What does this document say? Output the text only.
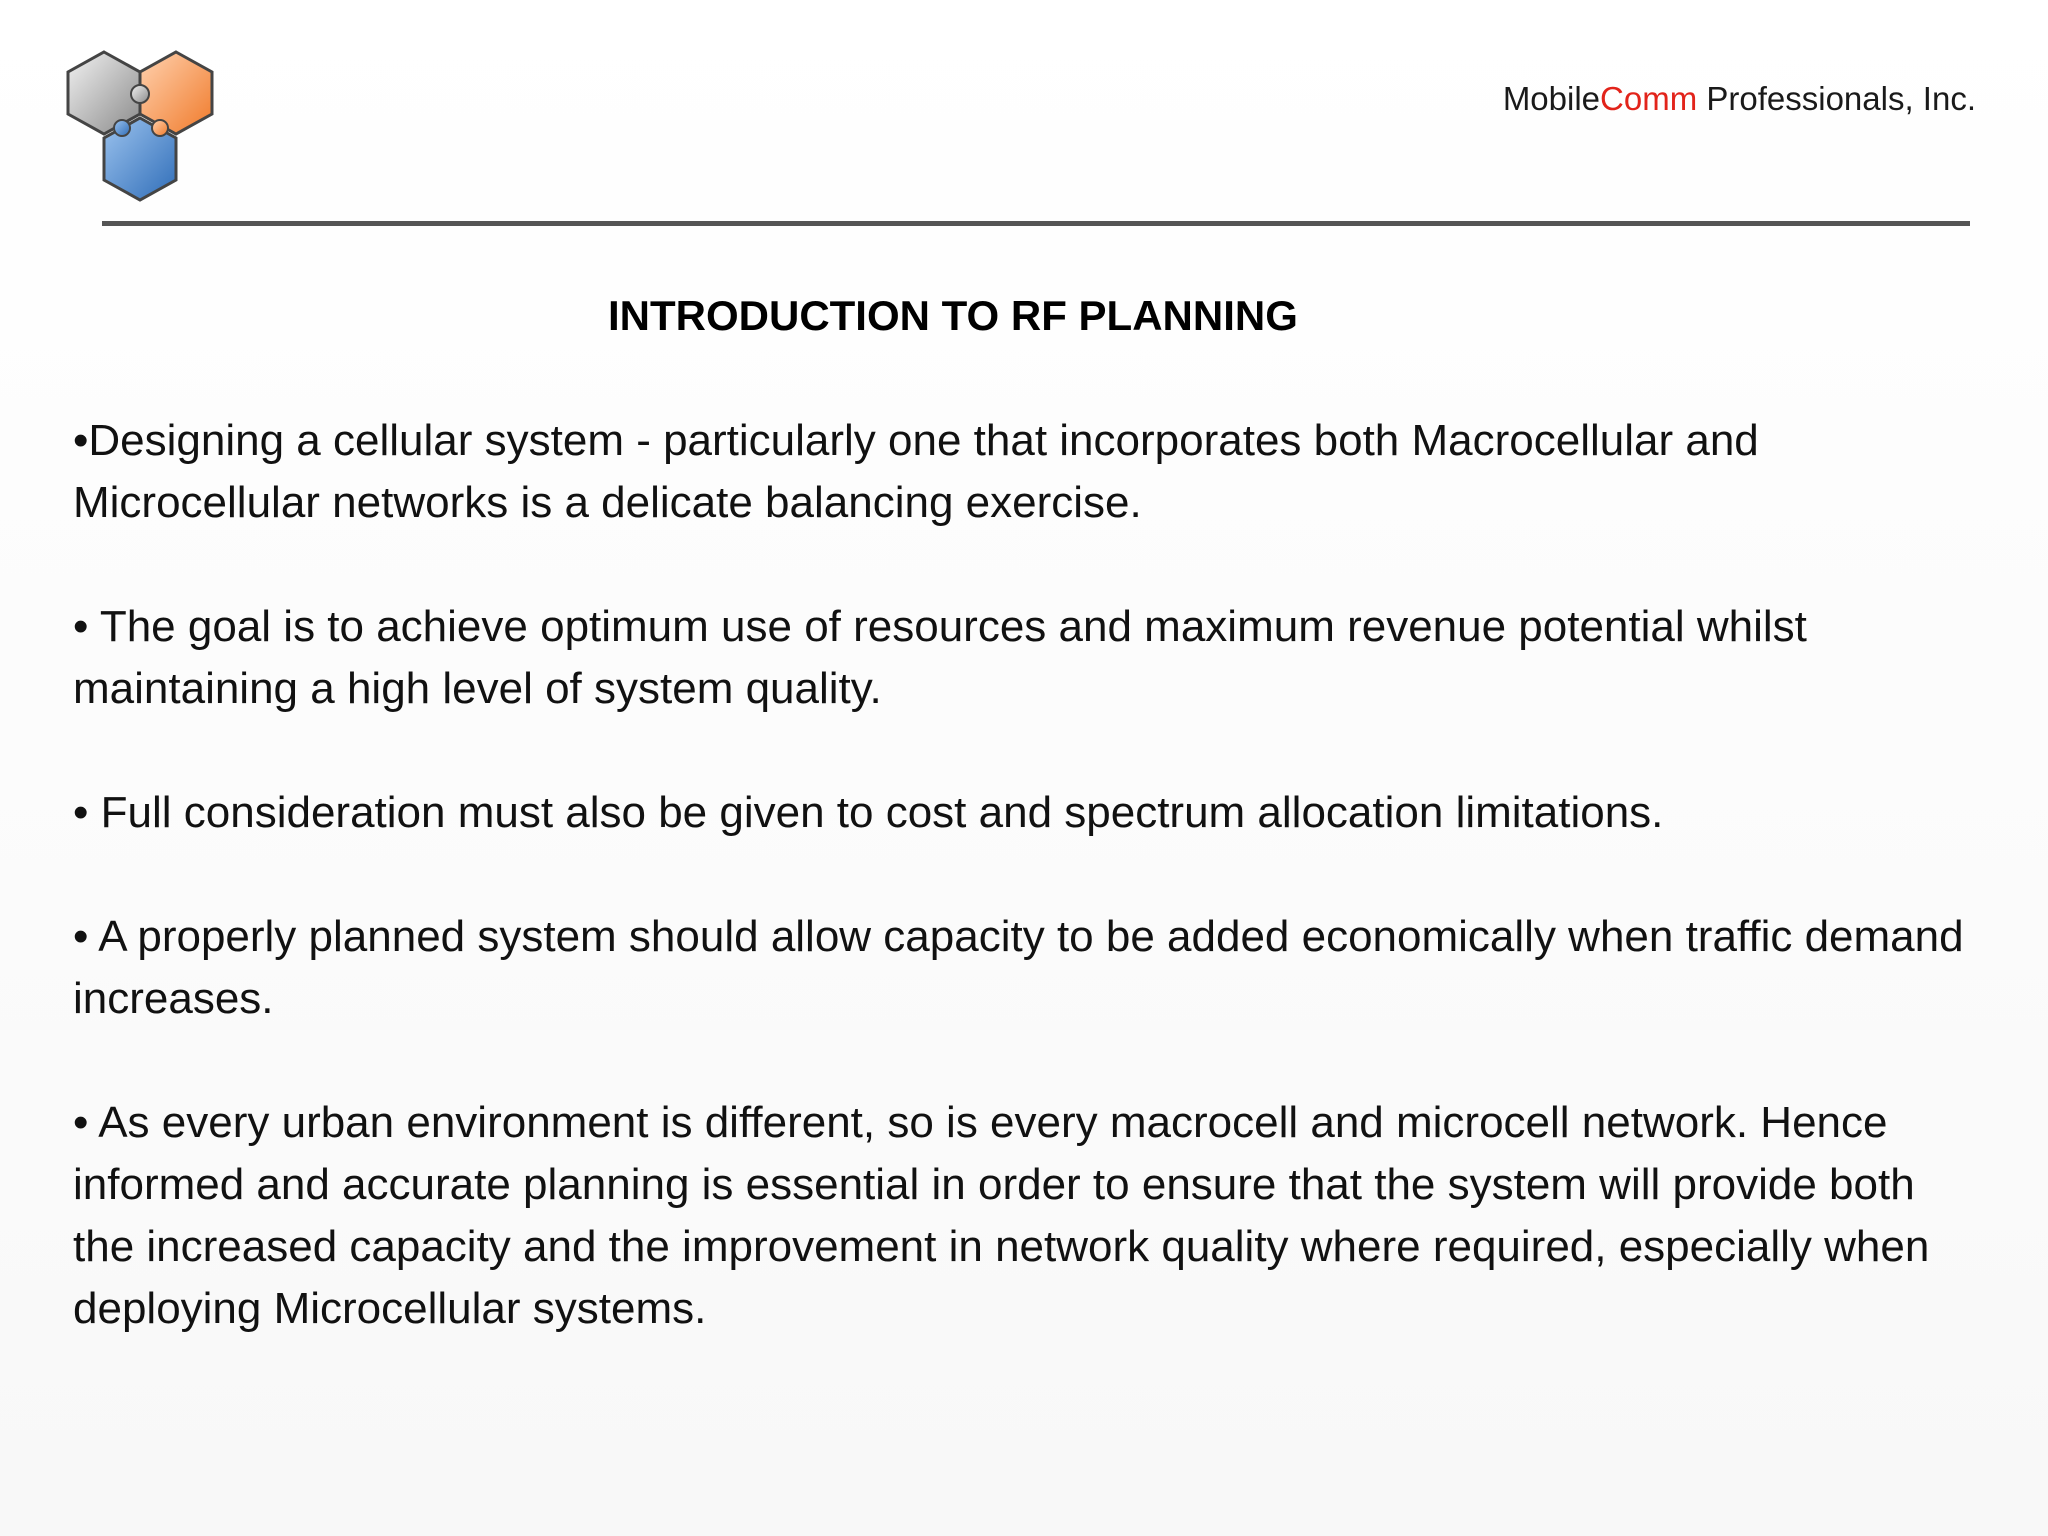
MobileComm Professionals, Inc.
INTRODUCTION TO RF PLANNING

•Designing a cellular system - particularly one that incorporates both Macrocellular and Microcellular networks is a delicate balancing exercise.

• The goal is to achieve optimum use of resources and maximum revenue potential whilst maintaining a high level of system quality.

• Full consideration must also be given to cost and spectrum allocation limitations.

• A properly planned system should allow capacity to be added economically when traffic demand increases.

• As every urban environment is different, so is every macrocell and microcell network. Hence informed and accurate planning is essential in order to ensure that the system will provide both the increased capacity and the improvement in network quality where required, especially when deploying Microcellular systems.
